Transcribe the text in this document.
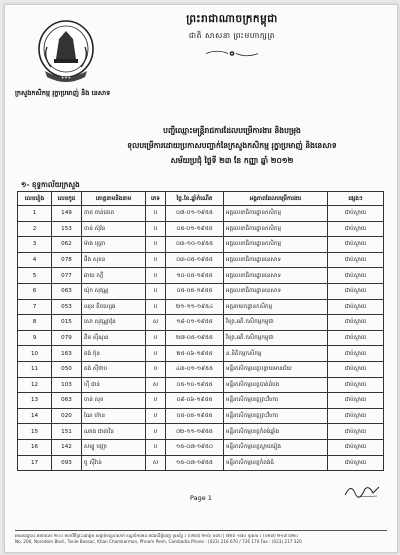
ព្រះរាជាណាចក្រកម្ពុជា
ជាតិ សាសនា ព្រះមហាក្សត្រ
✦✦✦
ក្រសួងកសិកម្ម រុក្ខាប្រមាញ់ និង នេសាទ
បញ្ជីឈ្មោះមន្ត្រីរាជការដែលបម្រើការងារ និងបម្រុង
ទុលបម្រើការដោយប្រកាសបញ្ជាក់នៃក្រសួងកសិកម្ម រុក្ខាប្រមាញ់ និងនេសាទ
សម័យប្រជុំ ថ្ងៃទី ២៣ ខែ កញ្ញា ឆ្នាំ ២០១២
១- ខុទ្ទកាល័យក្រសួង
លេខរៀង	លេខកូដ	គោត្តនាមនិងនាម	ភេទ	ថ្ងៃ.ខែ.ឆ្នាំកំណើត	អង្គភាពដែលបម្រើការងារ	ផ្សេងៗ
1	149	ភាគ ចាន់ធោត	ប	០៧-០១-១៩៥៥	អគ្គលេខាធិការដ្ឋានកសិកម្ម	ជាប់ស្ថាពរ
2	153	ចាន់ ស៊ុវ៉ន	ប	០៥-០១-១៩៥៥	អគ្គលេខាធិការដ្ឋានកសិកម្ម	ជាប់ស្ថាពរ
3	062	ម៉ាង បុត្រា	ប	០៣-១០-១៩៥៥	អគ្គលេខាធិការដ្ឋានកសិកម្ម	ជាប់ស្ថាពរ
4	078	ផឹង សុខន	ប	០៣-០៥-១៩៥៥	អគ្គលេខាធិការដ្ឋាននេសាទ	ជាប់ស្ថាពរ
5	077	ឆាយ ភក្តី	ប	១០-០៥-១៩៥៥	អគ្គលេខាធិការដ្ឋាននេសាទ	ជាប់ស្ថាពរ
6	063	យ៉ុក សុវណ្ណ	ប	០៥-០៥-១៩៥៥	អគ្គលេខាធិការដ្ឋាននេសាទ	ជាប់ស្ថាពរ
7	053	ឈុន តិចហ្សេង	ប	២១-១១-១៩៥៤	អគ្គនាយកដ្ឋានកសិកម្ម	ជាប់ស្ថាពរ
8	015	សោ សុវណ្ណាវ៉ុន	ស	១៨-០១-១៩៥៥	វិទ្យា.អភិ.កសិកម្មកម្ពុជា	ជាប់ស្ថាពរ
9	079	គីម ស៊ីណុន	ប	២៧-០៥-១៩៥៥	វិទ្យា.អភិ.កសិកម្មកម្ពុជា	ជាប់ស្ថាពរ
10	163	គង់ ប៊ុន	ប	២៥-០៦-១៩៥៥	ន.និតិកម្មកសិកម្ម	ជាប់ស្ថាពរ
11	050	គង់ ស៊ីថាប	ប	៤៣-០១-១៩៥៥	មន្ទីរកសិកម្មខេត្តបន្ទាយមានជ័យ	ជាប់ស្ថាពរ
12	103	ហ៊ី ជាន់	ស	០៥-១០-១៩៥៥	មន្ទីរកសិកម្មខេត្តបាត់ដំបង	ជាប់ស្ថាពរ
13	063	ចាន់ សុខ	ប	០៩-០៦-១៩៥៥	មន្ទីរកសិកម្មខេត្តព្រះវិហារ	ជាប់ស្ថាពរ
14	020	ណៃ ហ៊ាន	ប	០៥-០៥-១៩៥៥	មន្ទីរកសិកម្មខេត្តព្រះវិហារ	ជាប់ស្ថាពរ
15	151	ណាង ជាតាវិន	ប	០២-១១-១៩៥៥	មន្ទីរកសិកម្មខេត្តកំពង់ឆ្នាំង	ជាប់ស្ថាពរ
16	142	សម្បូ បញ្ញា	ប	១៥-០៧-១៩៥០	មន្ទីរកសិកម្មខេត្តស្វាយរៀង	ជាប់ស្ថាពរ
17	093	ចូ ស៊ីវ៉ាន់	ស	១៥-០៧-១៩៥៥	មន្ទីរកសិកម្មខេត្តកំពង់ធំ	ជាប់ស្ថាពរ
Page 1
អាសយដ្ឋាន៖ អគារលេខ ២០០ មហាវិថីព្រះនរោត្តម សង្កាត់ទន្លេបាសាក់ ខណ្ឌចំការមន រាជធានីភ្នំពេញ ទូរស័ព្ទ ៖ (០២៣) ២១៦ ៦៧០ | ៧២៦ ១៧០ ទូរសារ ៖ (០២៣) ២១៧ ៣២០
No. 200, Norodom Blvd., Tonle Bassac, Khan Chamkarmon, Phnom Penh, Cambodia Phone : (023) 216 670 / 726 170 Fax : (023) 217 320
